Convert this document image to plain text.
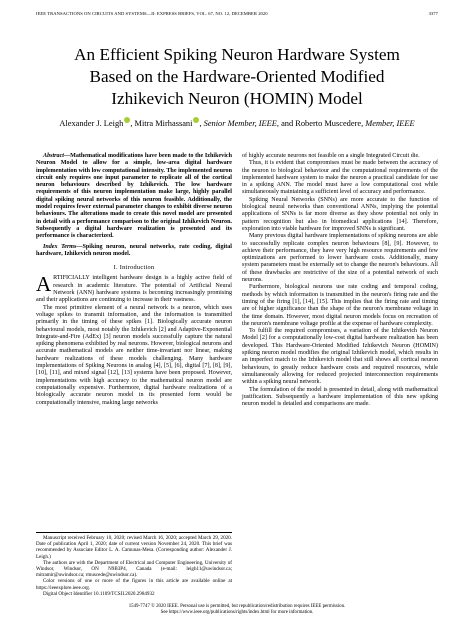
IEEE TRANSACTIONS ON CIRCUITS AND SYSTEMS—II: EXPRESS BRIEFS, VOL. 67, NO. 12, DECEMBER 2020	3377
An Efficient Spiking Neuron Hardware System
Based on the Hardware-Oriented Modified
Izhikevich Neuron (HOMIN) Model
Alexander J. Leigh , Mitra Mirhassani , Senior Member, IEEE, and Roberto Muscedere, Member, IEEE

Abstract—Mathematical modifications have been made to the Izhikevich Neuron Model to allow for a simple, low-area digital hardware implementation with low computational intensity. The implemented neuron circuit only requires one input parameter to replicate all of the cortical neuron behaviours described by Izhikevich. The low hardware requirements of this neuron implementation make large, highly parallel digital spiking neural networks of this neuron feasible. Additionally, the model requires fewer external parameter changes to exhibit diverse neuron behaviours. The alterations made to create this novel model are presented in detail with a performance comparison to the original Izhikevich Neuron. Subsequently a digital hardware realization is presented and its performance is characterized.

Index Terms—Spiking neuron, neural networks, rate coding, digital hardware, Izhikevich neuron model.

I. Introduction

ARTIFICIALLY intelligent hardware design is a highly active field of research in academic literature. The potential of Artificial Neural Network (ANN) hardware systems is becoming increasingly promising and their applications are continuing to increase in their vastness.

The most primitive element of a neural network is a neuron, which uses voltage spikes to transmit information, and the information is transmitted primarily in the timing of these spikes [1]. Biologically accurate neuron behavioural models, most notably the Izhikevich [2] and Adaptive-Exponential Integrate-and-Fire (AdEx) [3] neuron models successfully capture the natural spiking phenomena exhibited by real neurons. However, biological neurons and accurate mathematical models are neither time-invariant nor linear, making hardware realizations of these models challenging. Many hardware implementations of Spiking Neurons in analog [4], [5], [6], digital [7], [8], [9], [10], [11], and mixed signal [12], [13] systems have been proposed. However, implementations with high accuracy to the mathematical neuron model are computationally expensive. Furthermore, digital hardware realizations of a biologically accurate neuron model in its presented form would be computationally intensive, making large networks

of highly accurate neurons not feasible on a single Integrated Circuit die.

Thus, it is evident that compromises must be made between the accuracy of the neuron to biological behaviour and the computational requirements of the implemented hardware system to make the neuron a practical candidate for use in a spiking ANN. The model must have a low computational cost while simultaneously maintaining a sufficient level of accuracy and performance.

Spiking Neural Networks (SNNs) are more accurate to the function of biological neural networks than conventional ANNs, implying the potential applications of SNNs is far more diverse as they show potential not only in pattern recognition but also in biomedical applications [14]. Therefore, exploration into viable hardware for improved SNNs is significant.

Many previous digital hardware implementations of spiking neurons are able to successfully replicate complex neuron behaviours [8], [9]. However, to achieve their performance, they have very high resource requirements and few optimizations are performed to lower hardware costs. Additionally, many system parameters must be externally set to change the neuron's behaviours. All of these drawbacks are restrictive of the size of a potential network of such neurons.

Furthermore, biological neurons use rate coding and temporal coding, methods by which information is transmitted in the neuron's firing rate and the timing of the firing [1], [14], [15]. This implies that the firing rate and timing are of higher significance than the shape of the neuron's membrane voltage in the time domain. However, most digital neuron models focus on recreation of the neuron's membrane voltage profile at the expense of hardware complexity.

To fulfill the required compromises, a variation of the Izhikevich Neuron Model [2] for a computationally low-cost digital hardware realization has been developed. This Hardware-Oriented Modified Izhikevich Neuron (HOMIN) spiking neuron model modifies the original Izhikevich model, which results in an imperfect match to the Izhikevich model that still shows all cortical neuron behaviours, to greatly reduce hardware costs and required resources, while simultaneously allowing for reduced projected interconnection requirements within a spiking neural network.

The formulation of the model is presented in detail, along with mathematical justification. Subsequently a hardware implementation of this new spiking neuron model is detailed and comparisons are made.

Manuscript received February 10, 2020; revised March 16, 2020; accepted March 29, 2020. Date of publication April 1, 2020; date of current version November 24, 2020. This brief was recommended by Associate Editor L. A. Camunas-Mesa. (Corresponding author: Alexander J. Leigh.)

The authors are with the Department of Electrical and Computer Engineering, University of Windsor, Windsor, ON N9B3P4, Canada (e-mail: leigh11@uwindsor.ca; mitramir@uwindsor.ca; rmuscede@uwindsor.ca).

Color versions of one or more of the figures in this article are available online at https://ieeexplore.ieee.org.

Digital Object Identifier 10.1109/TCSII.2020.2984932

1549-7747 © 2020 IEEE. Personal use is permitted, but republication/redistribution requires IEEE permission.
See https://www.ieee.org/publications/rights/index.html for more information.
